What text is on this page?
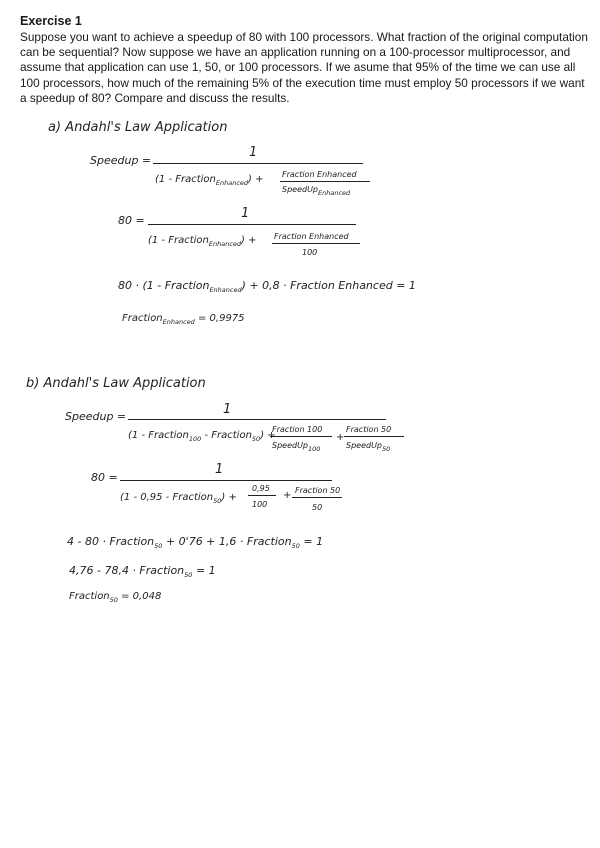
Exercise 1

Suppose you want to achieve a speedup of 80 with 100 processors. What fraction of the original computation can be sequential? Now suppose we have an application running on a 100-processor multiprocessor, and assume that application can use 1, 50, or 100 processors. If we asume that 95% of the time we can use all 100 processors, how much of the remaining 5% of the execution time must employ 50 processors if we want a speedup of 80? Compare and discuss the results.

a) Andahl's Law Application
Speedup =
1
(1 - Fraction$_{Enhanced}$) + Fraction Enhanced
SpeedUp$_{Enhanced}$
80 =	1
(1 - Fraction$_{Enhanced}$) + Fraction Enhanced
100
80 · (1 - Fraction$_{Enhanced}$) + 0,8 · Fraction Enhanced = 1
Fraction$_{Enhanced}$ = 0,9975
b) Andahl's Law Application
Speedup =	1
(1 - Fraction$_{100}$ - Fraction$_{50}$) +
Fraction 100
SpeedUp$_{100}$
+
Fraction 50
SpeedUp$_{50}$
80 =
1
(1 - 0,95 - Fraction$_{50}$) +
0,95
100
+ Fraction 50
50
4 - 80 · Fraction$_{50}$ + 0'76 + 1,6 · Fraction$_{50}$ = 1
4,76 - 78,4 · Fraction$_{50}$ = 1
Fraction$_{50}$ = 0,048
